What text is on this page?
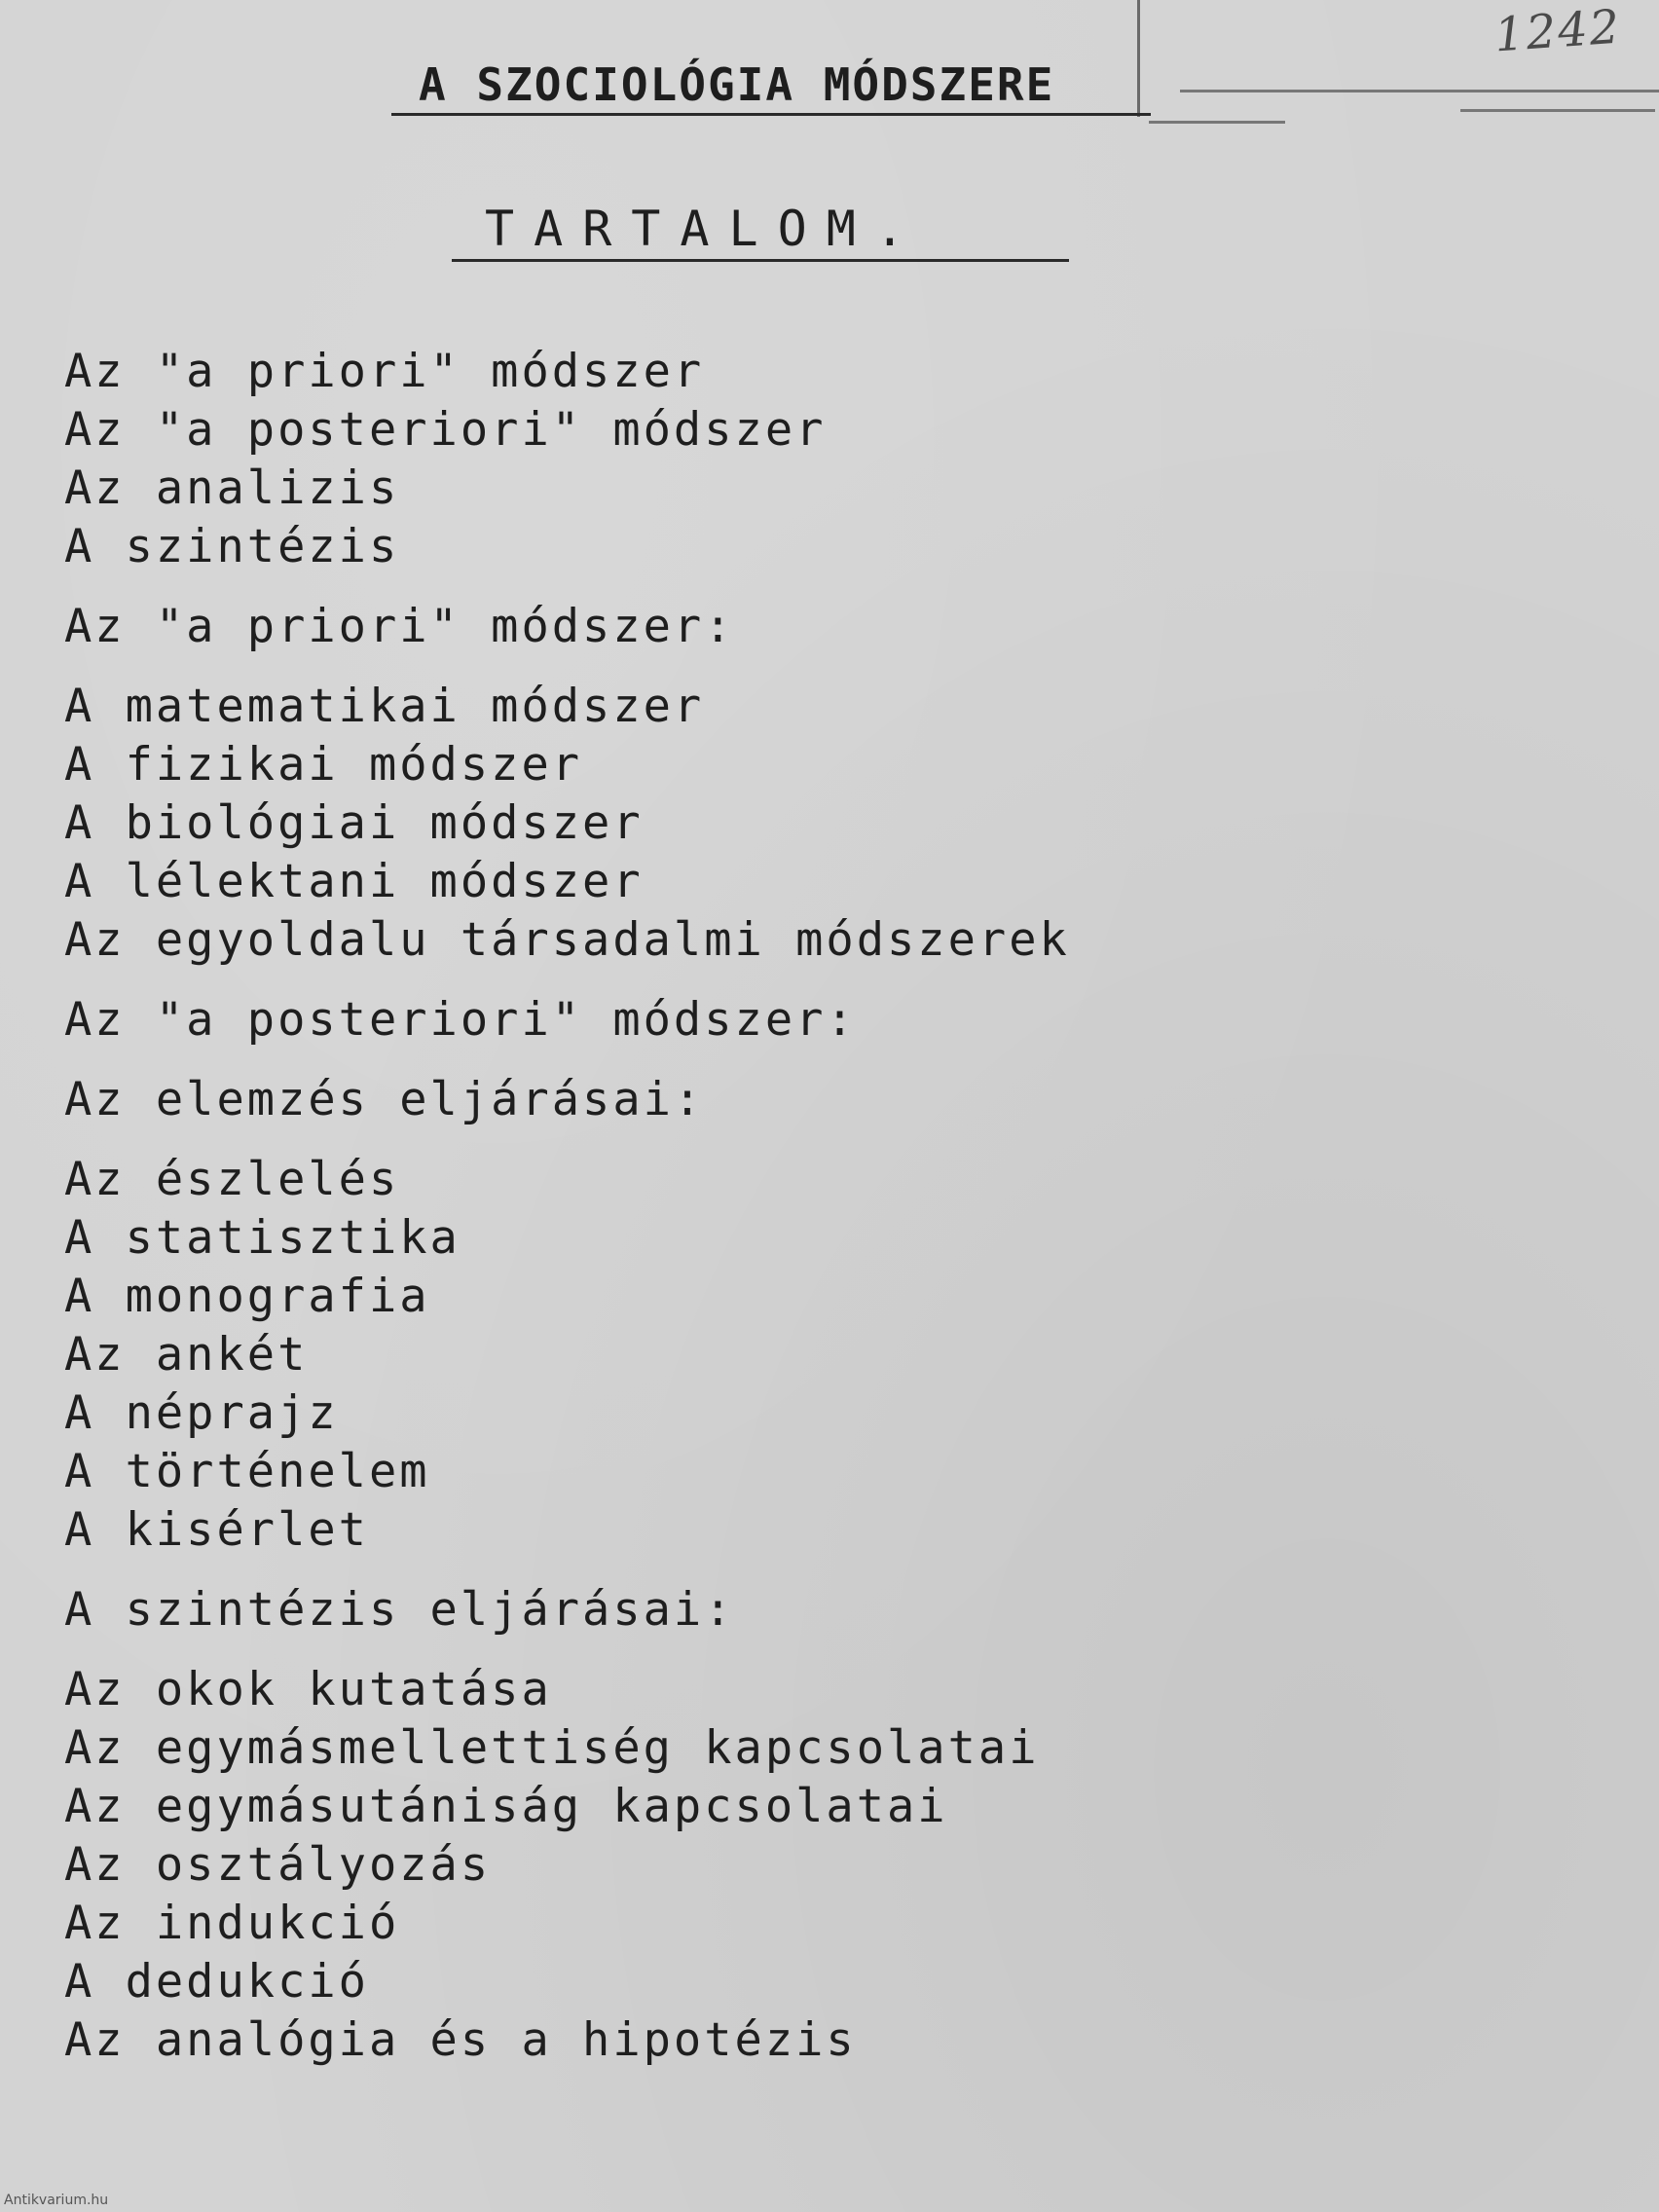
1242
A SZOCIOLÓGIA MÓDSZERE
TARTALOM.
Az "a priori" módszer
Az "a posteriori" módszer
Az analizis
A szintézis
Az "a priori" módszer:
A matematikai módszer
A fizikai módszer
A biológiai módszer
A lélektani módszer
Az egyoldalu társadalmi módszerek
Az "a posteriori" módszer:
Az elemzés eljárásai:
Az észlelés
A statisztika
A monografia
Az ankét
A néprajz
A történelem
A kisérlet
A szintézis eljárásai:
Az okok kutatása
Az egymásmellettiség kapcsolatai
Az egymásutániság kapcsolatai
Az osztályozás
Az indukció
A dedukció
Az analógia és a hipotézis
Antikvarium.hu
